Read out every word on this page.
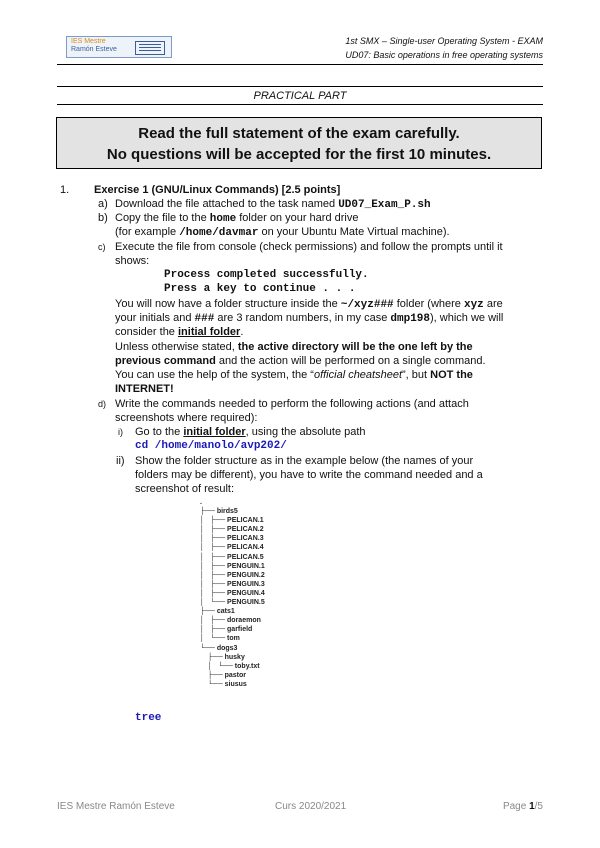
IES Mestre
Ramón Esteve
1st SMX – Single-user Operating System - EXAM
UD07: Basic operations in free operating systems
PRACTICAL PART
Read the full statement of the exam carefully.
No questions will be accepted for the first 10 minutes.
1. Exercise 1 (GNU/Linux Commands) [2.5 points]
a) Download the file attached to the task named UD07_Exam_P.sh
b) Copy the file to the home folder on your hard drive
(for example /home/davmar on your Ubuntu Mate Virtual machine).
c) Execute the file from console (check permissions) and follow the prompts until it
shows:
Process completed successfully.
Press a key to continue . . .
You will now have a folder structure inside the ~/xyz### folder (where xyz are
your initials and ### are 3 random numbers, in my case dmp198), which we will
consider the initial folder.
Unless otherwise stated, the active directory will be the one left by the
previous command and the action will be performed on a single command.
You can use the help of the system, the “official cheatsheet”, but NOT the
INTERNET!
d) Write the commands needed to perform the following actions (and attach
screenshots where required):
i) Go to the initial folder, using the absolute path
cd /home/manolo/avp202/
ii) Show the folder structure as in the example below (the names of your
folders may be different), you have to write the command needed and a
screenshot of result:
.
├── birds5
│   ├── PELICAN.1
│   ├── PELICAN.2
│   ├── PELICAN.3
│   ├── PELICAN.4
│   ├── PELICAN.5
│   ├── PENGUIN.1
│   ├── PENGUIN.2
│   ├── PENGUIN.3
│   ├── PENGUIN.4
│   └── PENGUIN.5
├── cats1
│   ├── doraemon
│   ├── garfield
│   └── tom
└── dogs3
├── husky
│   └── toby.txt
├── pastor
└── siusus
tree
IES Mestre Ramón Esteve	Curs 2020/2021	Page 1/5
